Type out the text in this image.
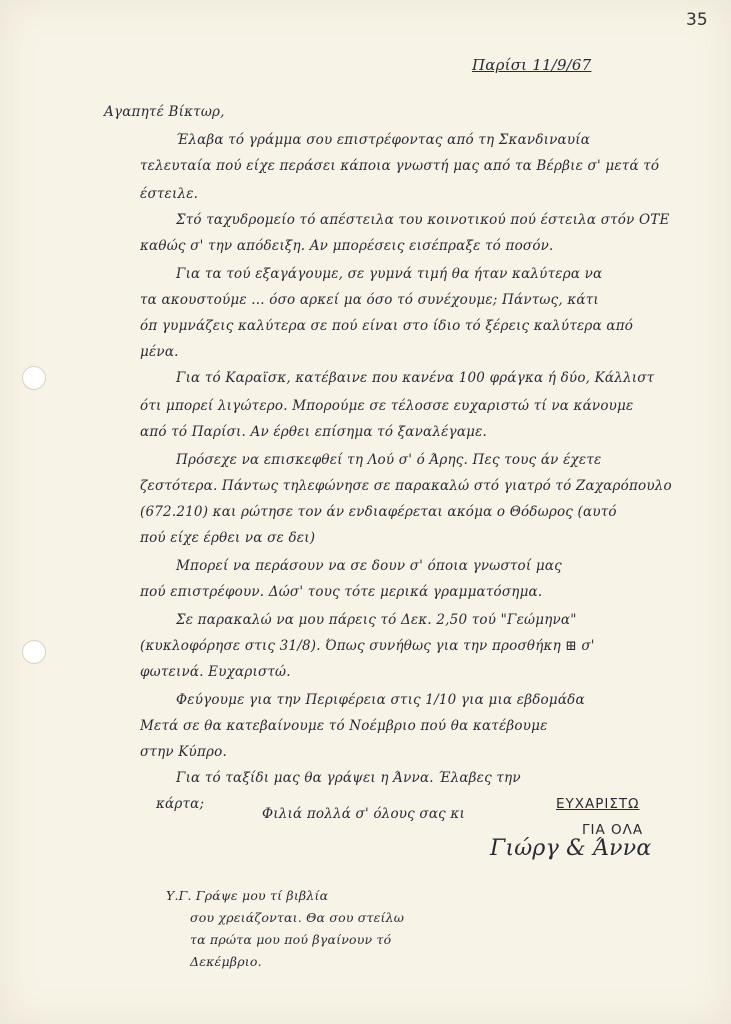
35
Παρίσι 11/9/67
Αγαπητέ Βίκτωρ,
Έλαβα τό γράμμα σου επιστρέφοντας από τη Σκανδιναυία
τελευταία πού είχε περάσει κάποια γνωστή μας από τα Βέρβιε σ' μετά τό
έστειλε.
Στό ταχυδρομείο τό απέστειλα του κοινοτικού πού έστειλα στόν ΟΤΕ
καθώς σ' την απόδειξη. Αν μπορέσεις εισέπραξε τό ποσόν.
Για τα τού εξαγάγουμε, σε γυμνά τιμή θα ήταν καλύτερα να
τα ακουστούμε ... όσο αρκεί μα όσο τό συνέχουμε; Πάντως, κάτι
όπ γυμνάζεις καλύτερα σε πού είναι στο ίδιο τό ξέρεις καλύτερα από
μένα.
Για τό Καραϊσκ, κατέβαινε που κανένα 100 φράγκα ή δύο, Κάλλιστ
ότι μπορεί λιγώτερο. Μπορούμε σε τέλοσσε ευχαριστώ τί να κάνουμε
από τό Παρίσι. Αν έρθει επίσημα τό ξαναλέγαμε.
Πρόσεχε να επισκεφθεί τη Λού σ' ό Άρης. Πες τους άν έχετε
ζεστότερα. Πάντως τηλεφώνησε σε παρακαλώ στό γιατρό τό Ζαχαρόπουλο
(672.210) και ρώτησε τον άν ενδιαφέρεται ακόμα ο Θόδωρος (αυτό
πού είχε έρθει να σε δει)
Μπορεί να περάσουν να σε δουν σ' όποια γνωστοί μας
πού επιστρέφουν. Δώσ' τους τότε μερικά γραμματόσημα.
Σε παρακαλώ να μου πάρεις τό Δεκ. 2,50 τού "Γεώμηνα"
(κυκλοφόρησε στις 31/8). Όπως συνήθως για την προσθήκη ⊞ σ'
φωτεινά. Ευχαριστώ.
Φεύγουμε για την Περιφέρεια στις 1/10 για μια εβδομάδα
Μετά σε θα κατεβαίνουμε τό Νοέμβριο πού θα κατέβουμε
στην Κύπρο.
Για τό ταξίδι μας θα γράψει η Άννα. Έλαβες την
κάρτα;
Φιλιά πολλά σ' όλους σας κι
ΕΥΧΑΡΙΣΤΩ
ΓΙΑ ΟΛΑ
Γιώργ & Άννα
Υ.Γ. Γράψε μου τί βιβλία
σου χρειάζονται. Θα σου στείλω
τα πρώτα μου πού βγαίνουν τό
Δεκέμβριο.
